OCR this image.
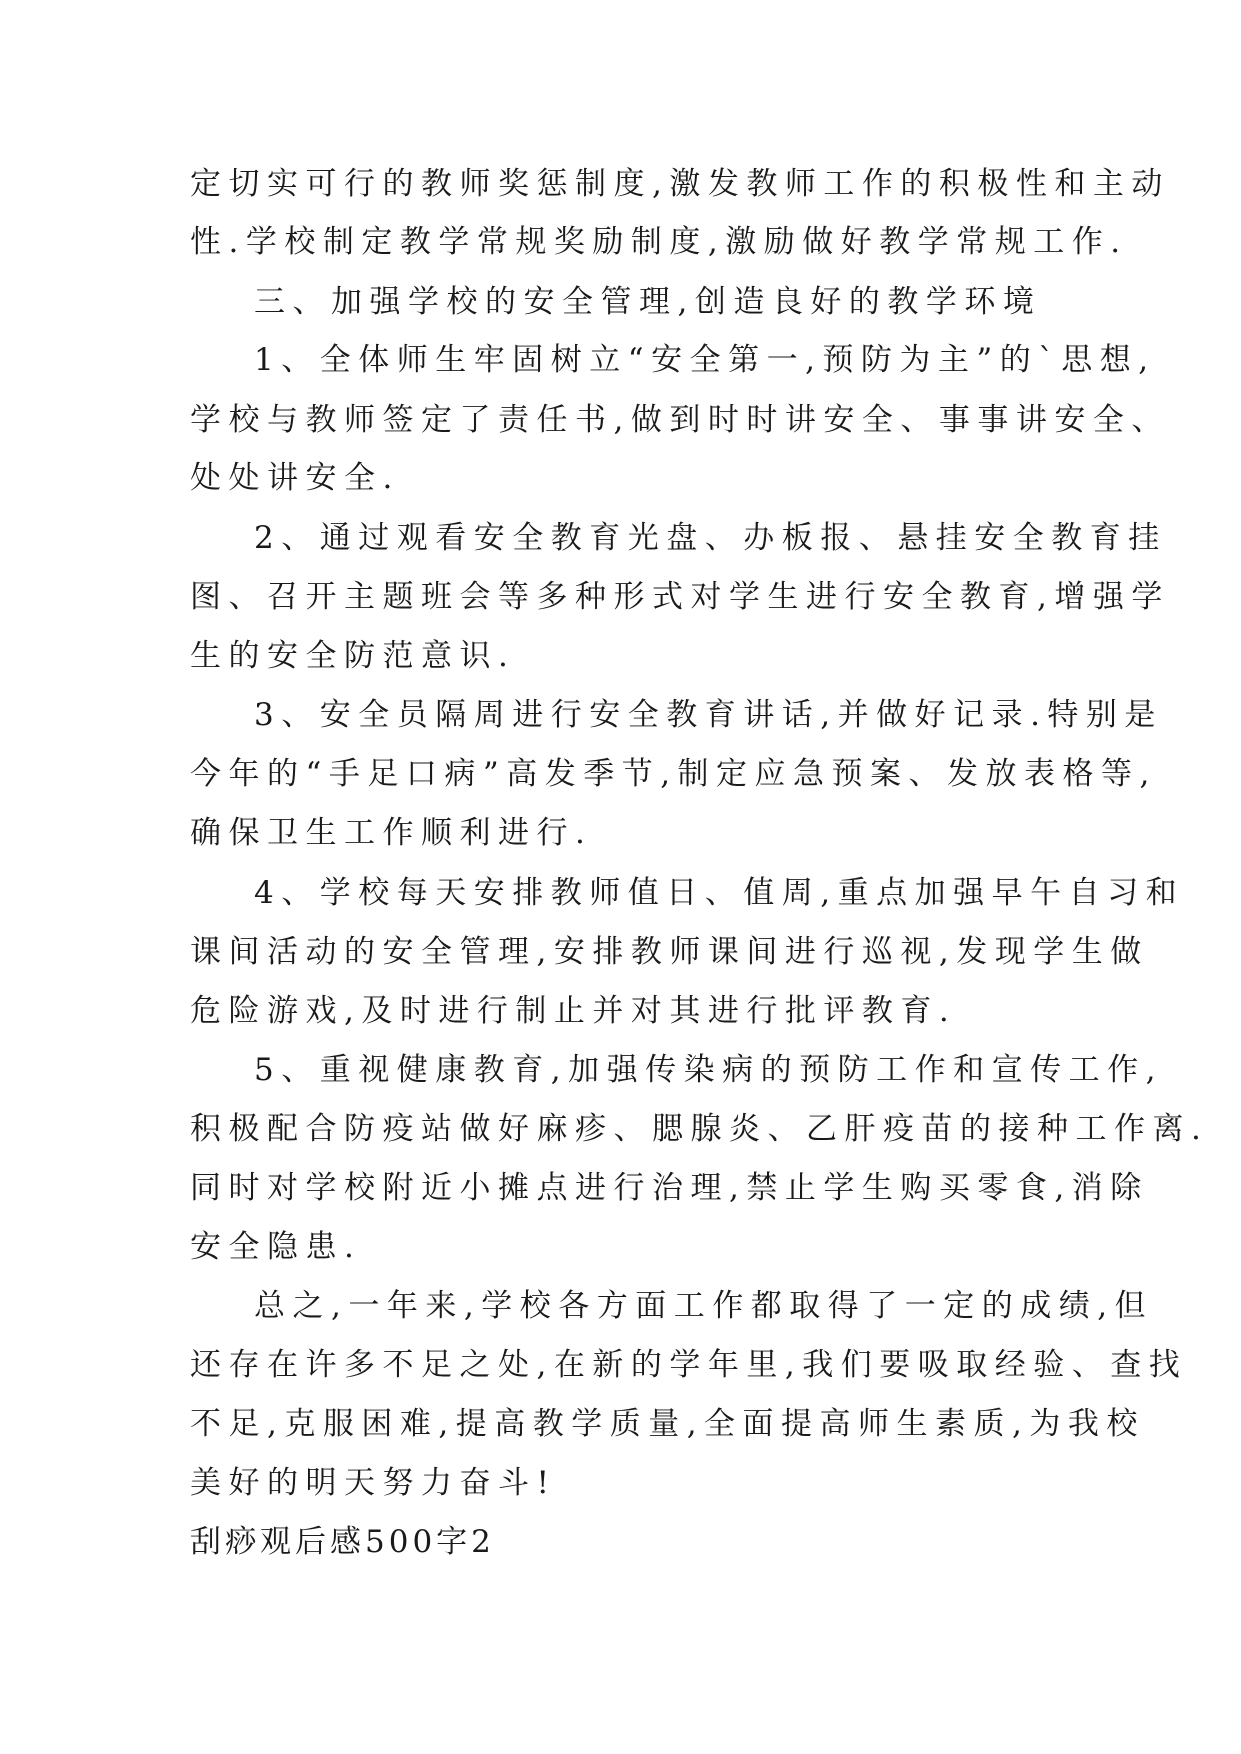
定切实可行的教师奖惩制度,激发教师工作的积极性和主动
性.学校制定教学常规奖励制度,激励做好教学常规工作.
三、加强学校的安全管理,创造良好的教学环境
1、全体师生牢固树立“安全第一,预防为主”的`思想,
学校与教师签定了责任书,做到时时讲安全、事事讲安全、
处处讲安全.
2、通过观看安全教育光盘、办板报、悬挂安全教育挂
图、召开主题班会等多种形式对学生进行安全教育,增强学
生的安全防范意识.
3、安全员隔周进行安全教育讲话,并做好记录.特别是
今年的“手足口病”高发季节,制定应急预案、发放表格等,
确保卫生工作顺利进行.
4、学校每天安排教师值日、值周,重点加强早午自习和
课间活动的安全管理,安排教师课间进行巡视,发现学生做
危险游戏,及时进行制止并对其进行批评教育.
5、重视健康教育,加强传染病的预防工作和宣传工作,
积极配合防疫站做好麻疹、腮腺炎、乙肝疫苗的接种工作离.
同时对学校附近小摊点进行治理,禁止学生购买零食,消除
安全隐患.
总之,一年来,学校各方面工作都取得了一定的成绩,但
还存在许多不足之处,在新的学年里,我们要吸取经验、查找
不足,克服困难,提高教学质量,全面提高师生素质,为我校
美好的明天努力奋斗!
刮痧观后感500字2
